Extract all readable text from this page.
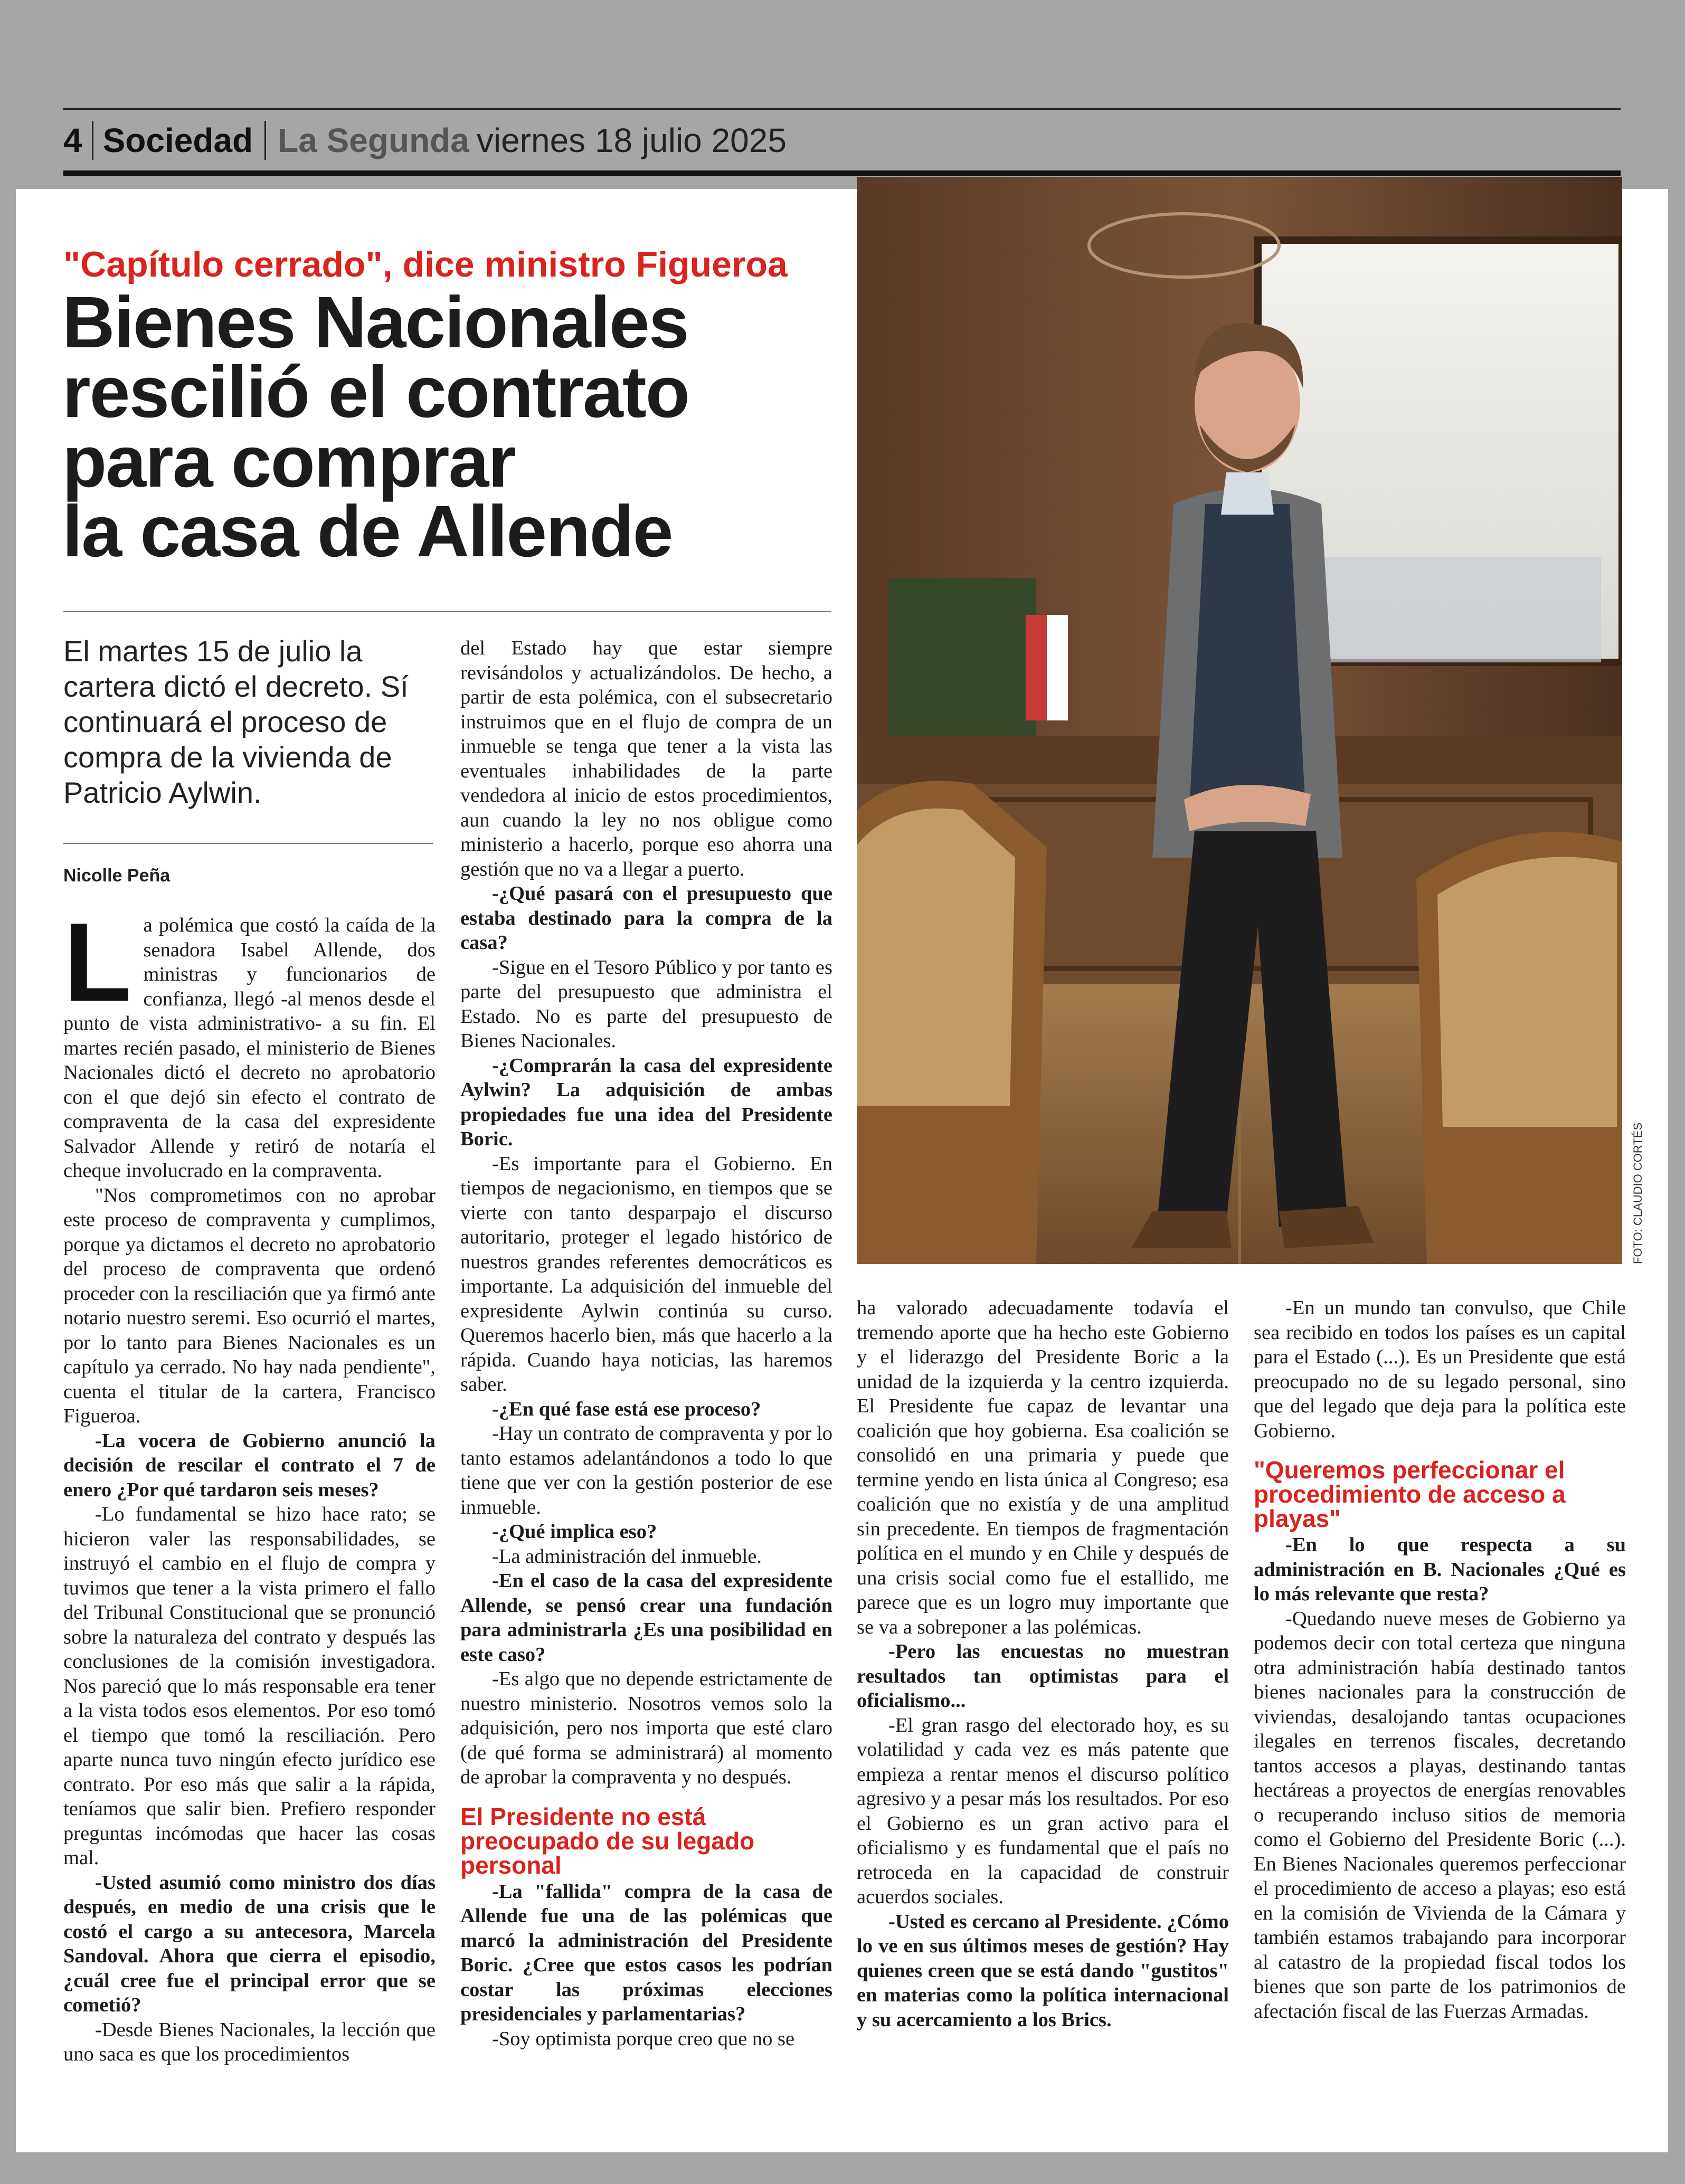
4 Sociedad La Segunda viernes 18 julio 2025
"Capítulo cerrado", dice ministro Figueroa
Bienes Nacionales
rescilió el contrato
para comprar
la casa de Allende

El martes 15 de julio la cartera dictó el decreto. Sí continuará el proceso de compra de la vivienda de Patricio Aylwin.

Nicolle Peña
FOTO: CLAUDIO CORTÉS

La polémica que costó la caída de la senadora Isabel Allende, dos ministras y funcionarios de confianza, llegó -al menos desde el punto de vista administrativo- a su fin. El martes recién pasado, el ministerio de Bienes Nacionales dictó el decreto no aprobatorio con el que dejó sin efecto el contrato de compraventa de la casa del expresidente Salvador Allende y retiró de notaría el cheque involucrado en la compraventa.

"Nos comprometimos con no aprobar este proceso de compraventa y cumplimos, porque ya dictamos el decreto no aprobatorio del proceso de compraventa que ordenó proceder con la resciliación que ya firmó ante notario nuestro seremi. Eso ocurrió el martes, por lo tanto para Bienes Nacionales es un capítulo ya cerrado. No hay nada pendiente", cuenta el titular de la cartera, Francisco Figueroa.

-La vocera de Gobierno anunció la decisión de rescilar el contrato el 7 de enero ¿Por qué tardaron seis meses?

-Lo fundamental se hizo hace rato; se hicieron valer las responsabilidades, se instruyó el cambio en el flujo de compra y tuvimos que tener a la vista primero el fallo del Tribunal Constitucional que se pronunció sobre la naturaleza del contrato y después las conclusiones de la comisión investigadora. Nos pareció que lo más responsable era tener a la vista todos esos elementos. Por eso tomó el tiempo que tomó la resciliación. Pero aparte nunca tuvo ningún efecto jurídico ese contrato. Por eso más que salir a la rápida, teníamos que salir bien. Prefiero responder preguntas incómodas que hacer las cosas mal.

-Usted asumió como ministro dos días después, en medio de una crisis que le costó el cargo a su antecesora, Marcela Sandoval. Ahora que cierra el episodio, ¿cuál cree fue el principal error que se cometió?

-Desde Bienes Nacionales, la lección que uno saca es que los procedimientos

del Estado hay que estar siempre revisándolos y actualizándolos. De hecho, a partir de esta polémica, con el subsecretario instruimos que en el flujo de compra de un inmueble se tenga que tener a la vista las eventuales inhabilidades de la parte vendedora al inicio de estos procedimientos, aun cuando la ley no nos obligue como ministerio a hacerlo, porque eso ahorra una gestión que no va a llegar a puerto.

-¿Qué pasará con el presupuesto que estaba destinado para la compra de la casa?

-Sigue en el Tesoro Público y por tanto es parte del presupuesto que administra el Estado. No es parte del presupuesto de Bienes Nacionales.

-¿Comprarán la casa del expresidente Aylwin? La adquisición de ambas propiedades fue una idea del Presidente Boric.

-Es importante para el Gobierno. En tiempos de negacionismo, en tiempos que se vierte con tanto desparpajo el discurso autoritario, proteger el legado histórico de nuestros grandes referentes democráticos es importante. La adquisición del inmueble del expresidente Aylwin continúa su curso. Queremos hacerlo bien, más que hacerlo a la rápida. Cuando haya noticias, las haremos saber.

-¿En qué fase está ese proceso?

-Hay un contrato de compraventa y por lo tanto estamos adelantándonos a todo lo que tiene que ver con la gestión posterior de ese inmueble.

-¿Qué implica eso?

-La administración del inmueble.

-En el caso de la casa del expresidente Allende, se pensó crear una fundación para administrarla ¿Es una posibilidad en este caso?

-Es algo que no depende estrictamente de nuestro ministerio. Nosotros vemos solo la adquisición, pero nos importa que esté claro (de qué forma se administrará) al momento de aprobar la compraventa y no después.

El Presidente no está preocupado de su legado personal

-La "fallida" compra de la casa de Allende fue una de las polémicas que marcó la administración del Presidente Boric. ¿Cree que estos casos les podrían costar las próximas elecciones presidenciales y parlamentarias?

-Soy optimista porque creo que no se

ha valorado adecuadamente todavía el tremendo aporte que ha hecho este Gobierno y el liderazgo del Presidente Boric a la unidad de la izquierda y la centro izquierda. El Presidente fue capaz de levantar una coalición que hoy gobierna. Esa coalición se consolidó en una primaria y puede que termine yendo en lista única al Congreso; esa coalición que no existía y de una amplitud sin precedente. En tiempos de fragmentación política en el mundo y en Chile y después de una crisis social como fue el estallido, me parece que es un logro muy importante que se va a sobreponer a las polémicas.

-Pero las encuestas no muestran resultados tan optimistas para el oficialismo...

-El gran rasgo del electorado hoy, es su volatilidad y cada vez es más patente que empieza a rentar menos el discurso político agresivo y a pesar más los resultados. Por eso el Gobierno es un gran activo para el oficialismo y es fundamental que el país no retroceda en la capacidad de construir acuerdos sociales.

-Usted es cercano al Presidente. ¿Cómo lo ve en sus últimos meses de gestión? Hay quienes creen que se está dando "gustitos" en materias como la política internacional y su acercamiento a los Brics.

-En un mundo tan convulso, que Chile sea recibido en todos los países es un capital para el Estado (...). Es un Presidente que está preocupado no de su legado personal, sino que del legado que deja para la política este Gobierno.

"Queremos perfeccionar el procedimiento de acceso a playas"

-En lo que respecta a su administración en B. Nacionales ¿Qué es lo más relevante que resta?

-Quedando nueve meses de Gobierno ya podemos decir con total certeza que ninguna otra administración había destinado tantos bienes nacionales para la construcción de viviendas, desalojando tantas ocupaciones ilegales en terrenos fiscales, decretando tantos accesos a playas, destinando tantas hectáreas a proyectos de energías renovables o recuperando incluso sitios de memoria como el Gobierno del Presidente Boric (...). En Bienes Nacionales queremos perfeccionar el procedimiento de acceso a playas; eso está en la comisión de Vivienda de la Cámara y también estamos trabajando para incorporar al catastro de la propiedad fiscal todos los bienes que son parte de los patrimonios de afectación fiscal de las Fuerzas Armadas.
